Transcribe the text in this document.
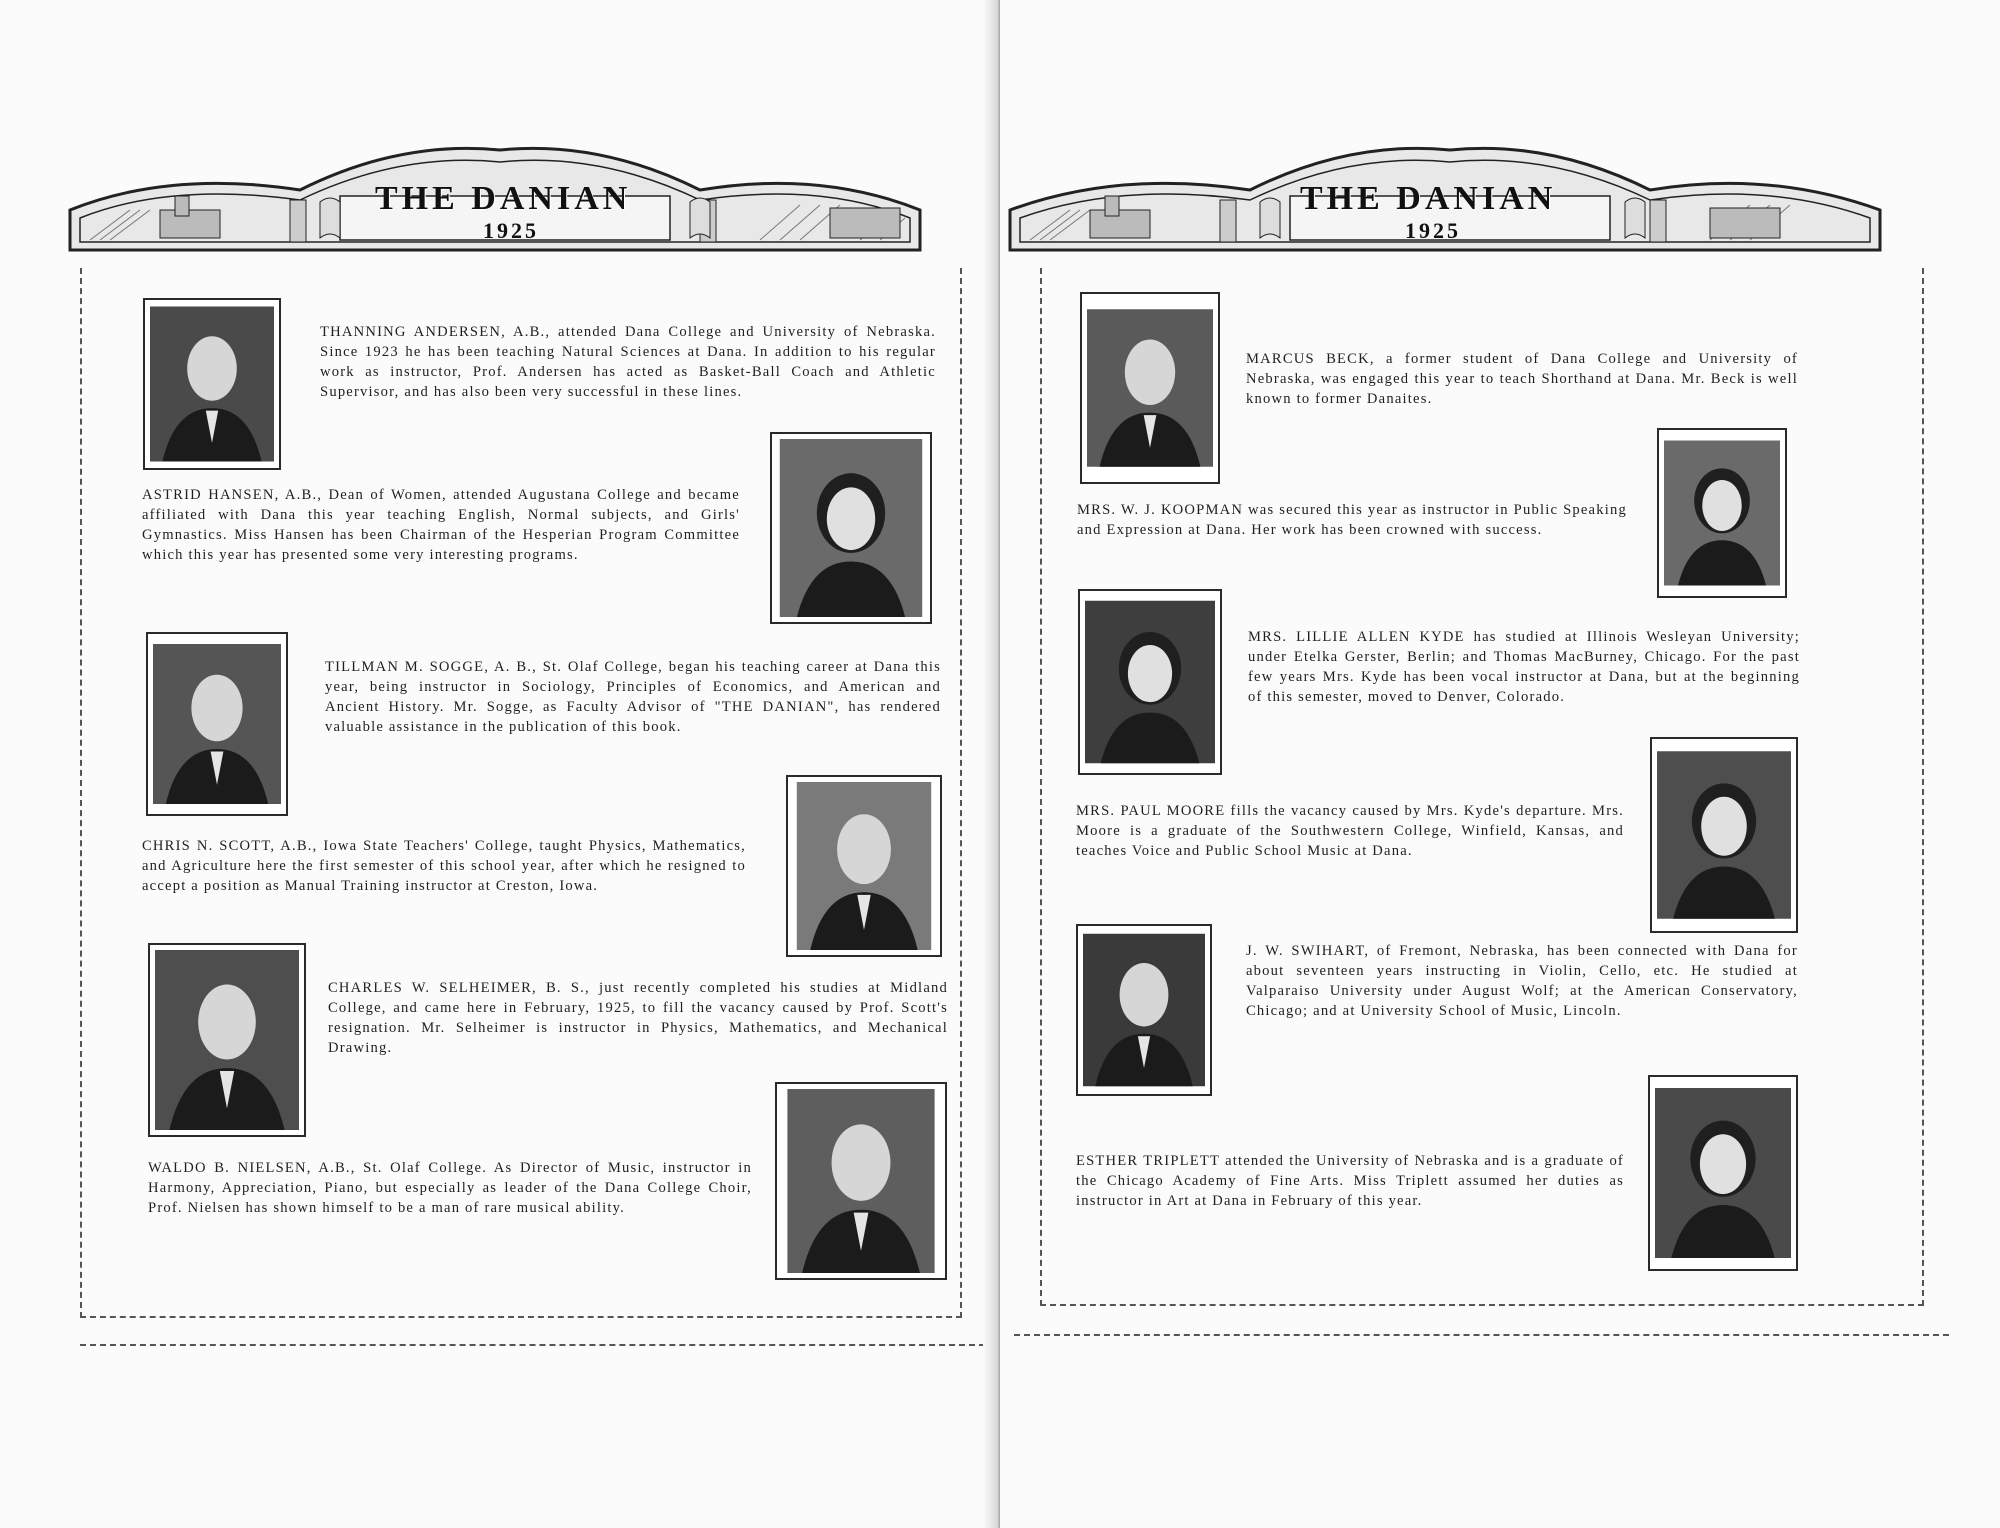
THE DANIAN
1925

THANNING ANDERSEN, A.B., attended Dana College and University of Nebraska. Since 1923 he has been teaching Natural Sciences at Dana. In addition to his regular work as instructor, Prof. Andersen has acted as Basket-Ball Coach and Athletic Supervisor, and has also been very successful in these lines.

ASTRID HANSEN, A.B., Dean of Women, attended Augustana College and became affiliated with Dana this year teaching English, Normal subjects, and Girls' Gymnastics. Miss Hansen has been Chairman of the Hesperian Program Committee which this year has presented some very interesting programs.

TILLMAN M. SOGGE, A. B., St. Olaf College, began his teaching career at Dana this year, being instructor in Sociology, Principles of Economics, and American and Ancient History. Mr. Sogge, as Faculty Advisor of "THE DANIAN", has rendered valuable assistance in the publication of this book.

CHRIS N. SCOTT, A.B., Iowa State Teachers' College, taught Physics, Mathematics, and Agriculture here the first semester of this school year, after which he resigned to accept a position as Manual Training instructor at Creston, Iowa.

CHARLES W. SELHEIMER, B. S., just recently completed his studies at Midland College, and came here in February, 1925, to fill the vacancy caused by Prof. Scott's resignation. Mr. Selheimer is instructor in Physics, Mathematics, and Mechanical Drawing.

WALDO B. NIELSEN, A.B., St. Olaf College. As Director of Music, instructor in Harmony, Appreciation, Piano, but especially as leader of the Dana College Choir, Prof. Nielsen has shown himself to be a man of rare musical ability.

THE DANIAN
1925

MARCUS BECK, a former student of Dana College and University of Nebraska, was engaged this year to teach Shorthand at Dana. Mr. Beck is well known to former Danaites.

MRS. W. J. KOOPMAN was secured this year as instructor in Public Speaking and Expression at Dana. Her work has been crowned with success.

MRS. LILLIE ALLEN KYDE has studied at Illinois Wesleyan University; under Etelka Gerster, Berlin; and Thomas MacBurney, Chicago. For the past few years Mrs. Kyde has been vocal instructor at Dana, but at the beginning of this semester, moved to Denver, Colorado.

MRS. PAUL MOORE fills the vacancy caused by Mrs. Kyde's departure. Mrs. Moore is a graduate of the Southwestern College, Winfield, Kansas, and teaches Voice and Public School Music at Dana.

J. W. SWIHART, of Fremont, Nebraska, has been connected with Dana for about seventeen years instructing in Violin, Cello, etc. He studied at Valparaiso University under August Wolf; at the American Conservatory, Chicago; and at University School of Music, Lincoln.

ESTHER TRIPLETT attended the University of Nebraska and is a graduate of the Chicago Academy of Fine Arts. Miss Triplett assumed her duties as instructor in Art at Dana in February of this year.
